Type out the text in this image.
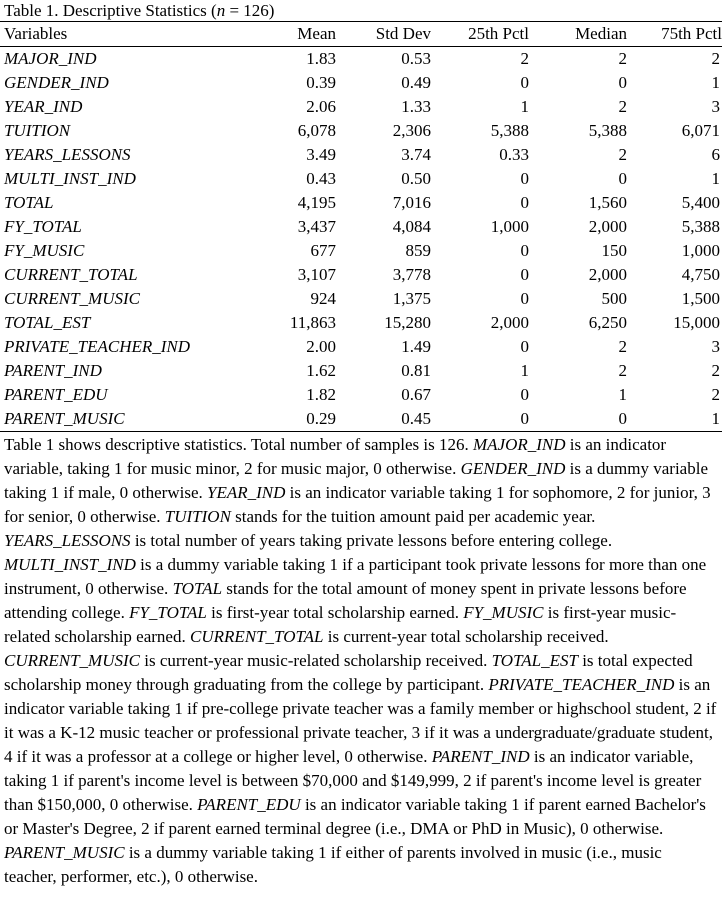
Table 1. Descriptive Statistics (n = 126)
Variables	Mean	Std Dev	25th Pctl	Median	75th Pctl
MAJOR_IND	1.83	0.53	2	2	2
GENDER_IND	0.39	0.49	0	0	1
YEAR_IND	2.06	1.33	1	2	3
TUITION	6,078	2,306	5,388	5,388	6,071
YEARS_LESSONS	3.49	3.74	0.33	2	6
MULTI_INST_IND	0.43	0.50	0	0	1
TOTAL	4,195	7,016	0	1,560	5,400
FY_TOTAL	3,437	4,084	1,000	2,000	5,388
FY_MUSIC	677	859	0	150	1,000
CURRENT_TOTAL	3,107	3,778	0	2,000	4,750
CURRENT_MUSIC	924	1,375	0	500	1,500
TOTAL_EST	11,863	15,280	2,000	6,250	15,000
PRIVATE_TEACHER_IND	2.00	1.49	0	2	3
PARENT_IND	1.62	0.81	1	2	2
PARENT_EDU	1.82	0.67	0	1	2
PARENT_MUSIC	0.29	0.45	0	0	1
Table 1 shows descriptive statistics. Total number of samples is 126. MAJOR_IND is an indicator variable, taking 1 for music minor, 2 for music major, 0 otherwise. GENDER_IND is a dummy variable taking 1 if male, 0 otherwise. YEAR_IND is an indicator variable taking 1 for sophomore, 2 for junior, 3 for senior, 0 otherwise. TUITION stands for the tuition amount paid per academic year. YEARS_LESSONS is total number of years taking private lessons before entering college. MULTI_INST_IND is a dummy variable taking 1 if a participant took private lessons for more than one instrument, 0 otherwise. TOTAL stands for the total amount of money spent in private lessons before attending college. FY_TOTAL is first-year total scholarship earned. FY_MUSIC is first-year music-related scholarship earned. CURRENT_TOTAL is current-year total scholarship received. CURRENT_MUSIC is current-year music-related scholarship received. TOTAL_EST is total expected scholarship money through graduating from the college by participant. PRIVATE_TEACHER_IND is an indicator variable taking 1 if pre-college private teacher was a family member or highschool student, 2 if it was a K-12 music teacher or professional private teacher, 3 if it was a undergraduate/graduate student, 4 if it was a professor at a college or higher level, 0 otherwise. PARENT_IND is an indicator variable, taking 1 if parent's income level is between $70,000 and $149,999, 2 if parent's income level is greater than $150,000, 0 otherwise. PARENT_EDU is an indicator variable taking 1 if parent earned Bachelor's or Master's Degree, 2 if parent earned terminal degree (i.e., DMA or PhD in Music), 0 otherwise. PARENT_MUSIC is a dummy variable taking 1 if either of parents involved in music (i.e., music teacher, performer, etc.), 0 otherwise.
